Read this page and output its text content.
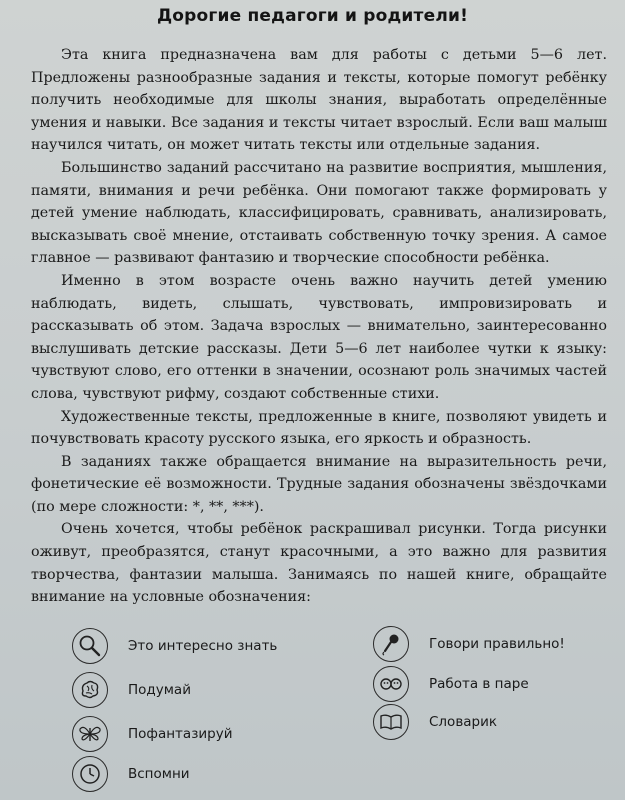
Дорогие педагоги и родители!

Эта книга предназначена вам для работы с детьми 5—6 лет. Предложены разнообразные задания и тексты, которые помогут ребёнку получить необходимые для школы знания, выработать определённые умения и навыки. Все задания и тексты читает взрослый. Если ваш малыш научился читать, он может читать тексты или отдельные задания.

Большинство заданий рассчитано на развитие восприятия, мышления, памяти, внимания и речи ребёнка. Они помогают также формировать у детей умение наблюдать, классифицировать, сравнивать, анализировать, высказывать своё мнение, отстаивать собственную точку зрения. А самое главное — развивают фантазию и творческие способности ребёнка.

Именно в этом возрасте очень важно научить детей умению наблюдать, видеть, слышать, чувствовать, импровизировать и рассказывать об этом. Задача взрослых — внимательно, заинтересованно выслушивать детские рассказы. Дети 5—6 лет наиболее чутки к языку: чувствуют слово, его оттенки в значении, осознают роль значимых частей слова, чувствуют рифму, создают собственные стихи.

Художественные тексты, предложенные в книге, позволяют увидеть и почувствовать красоту русского языка, его яркость и образность.

В заданиях также обращается внимание на выразительность речи, фонетические её возможности. Трудные задания обозначены звёздочками (по мере сложности: *, **, ***).

Очень хочется, чтобы ребёнок раскрашивал рисунки. Тогда рисунки оживут, преобразятся, станут красочными, а это важно для развития творчества, фантазии малыша. Занимаясь по нашей книге, обращайте внимание на условные обозначения:

Это интересно знать	Говори правильно!
Подумай	Работа в паре
Пофантазируй
Словарик
Вспомни
